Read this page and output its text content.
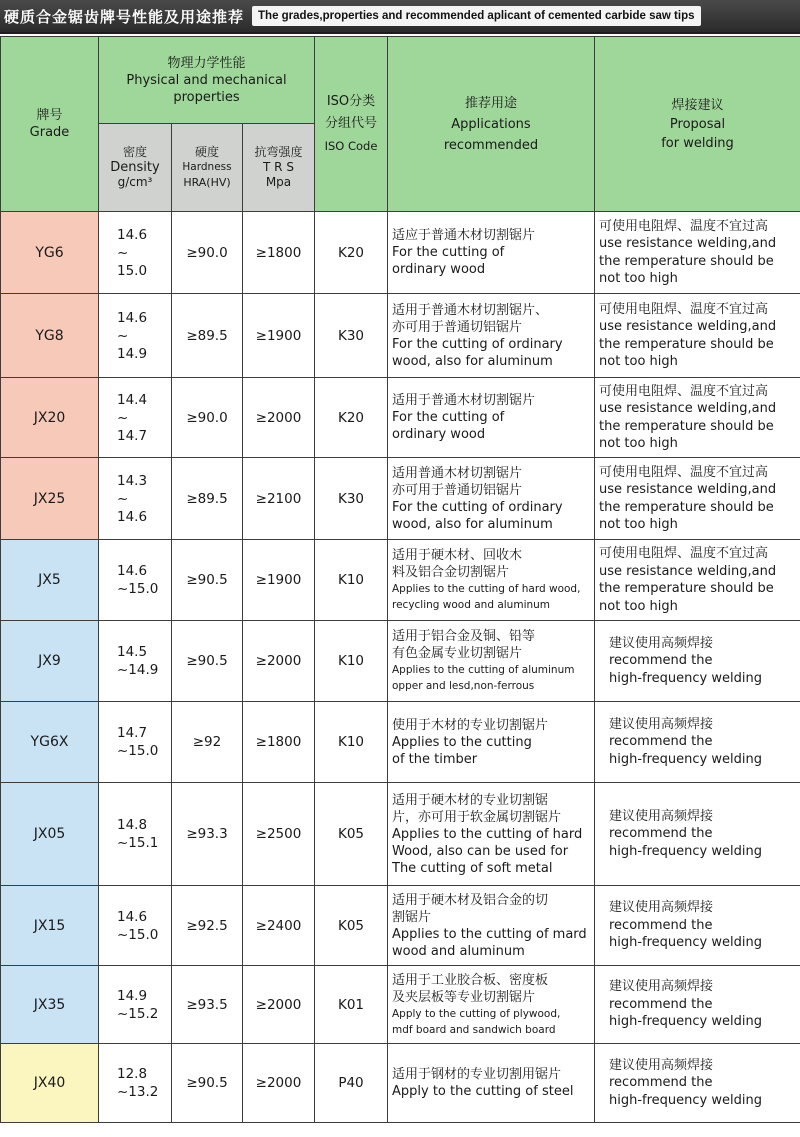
硬质合金锯齿牌号性能及用途推荐	The grades,properties and recommended aplicant of cemented carbide saw tips
牌号
Grade	物理力学性能
Physical and mechanical
properties			ISO分类
分组代号
ISO Code	推荐用途
Applications
recommended	焊接建议
Proposal
for welding

	密度
Density
g/cm³	硬度
Hardness
HRA(HV)	抗弯强度
T R S
Mpa			

YG6	14.6
~
15.0	≥90.0	≥1800	K20	适应于普通木材切割锯片
For the cutting of
ordinary wood	可使用电阻焊、温度不宜过高
use resistance welding,and
the remperature should be
not too high

YG8	14.6
~
14.9	≥89.5	≥1900	K30	适用于普通木材切割锯片、
亦可用于普通切铝锯片
For the cutting of ordinary
wood, also for aluminum	可使用电阻焊、温度不宜过高
use resistance welding,and
the remperature should be
not too high

JX20	14.4
~
14.7	≥90.0	≥2000	K20	适用于普通木材切割锯片
For the cutting of
ordinary wood	可使用电阻焊、温度不宜过高
use resistance welding,and
the remperature should be
not too high

JX25	14.3
~
14.6	≥89.5	≥2100	K30	适用普通木材切割锯片
亦可用于普通切铝锯片
For the cutting of ordinary
wood, also for aluminum	可使用电阻焊、温度不宜过高
use resistance welding,and
the remperature should be
not too high

JX5	14.6
~15.0	≥90.5	≥1900	K10	适用于硬木材、回收木
料及铝合金切割锯片
Applies to the cutting of hard wood,
recycling wood and aluminum	可使用电阻焊、温度不宜过高
use resistance welding,and
the remperature should be
not too high

JX9	14.5
~14.9	≥90.5	≥2000	K10	适用于铝合金及铜、铅等
有色金属专业切割锯片
Applies to the cutting of aluminum
opper and lesd,non-ferrous	建议使用高频焊接
recommend the
high-frequency welding

YG6X	14.7
~15.0	≥92	≥1800	K10	使用于木材的专业切割锯片
Applies to the cutting
of the timber	建议使用高频焊接
recommend the
high-frequency welding

JX05	14.8
~15.1	≥93.3	≥2500	K05	适用于硬木材的专业切割锯
片，亦可用于软金属切割锯片
Applies to the cutting of hard
Wood, also can be used for
The cutting of soft metal	建议使用高频焊接
recommend the
high-frequency welding

JX15	14.6
~15.0	≥92.5	≥2400	K05	适用于硬木材及铝合金的切
割锯片
Applies to the cutting of mard
wood and aluminum	建议使用高频焊接
recommend the
high-frequency welding

JX35	14.9
~15.2	≥93.5	≥2000	K01	适用于工业胶合板、密度板
及夹层板等专业切割锯片
Apply to the cutting of plywood,
mdf board and sandwich board	建议使用高频焊接
recommend the
high-frequency welding

JX40	12.8
~13.2	≥90.5	≥2000	P40	适用于钢材的专业切割用锯片
Apply to the cutting of steel	建议使用高频焊接
recommend the
high-frequency welding
